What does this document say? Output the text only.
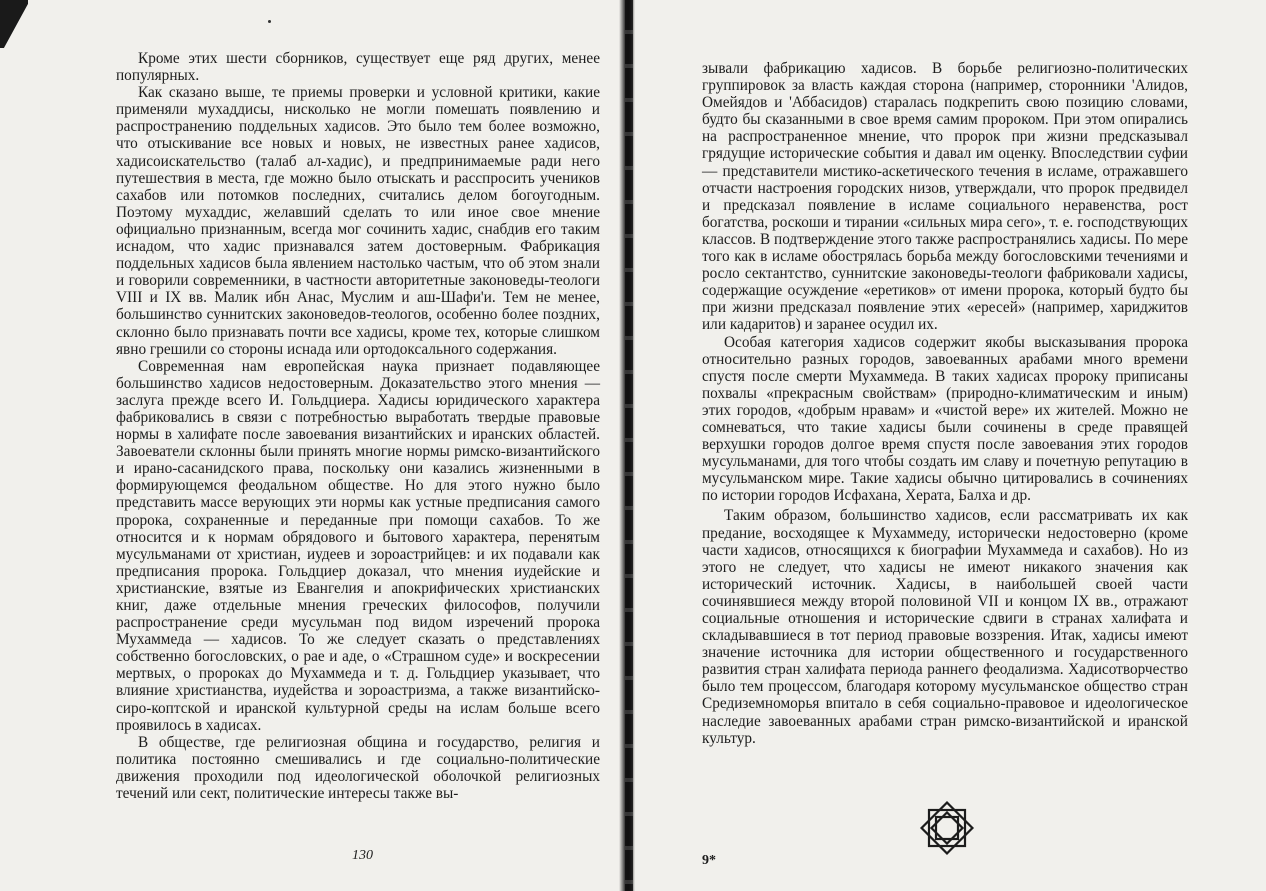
Кроме этих шести сборников, существует еще ряд других, менее популярных.

Как сказано выше, те приемы проверки и условной критики, какие применяли мухаддисы, нисколько не могли помешать появлению и распространению поддельных хадисов. Это было тем более возможно, что отыскивание все новых и новых, не известных ранее хадисов, хадисоискательство (талаб ал-хадис), и предпринимаемые ради него путешествия в места, где можно было отыскать и расспросить учеников сахабов или потомков последних, считались делом богоугодным. Поэтому мухаддис, желавший сделать то или иное свое мнение официально признанным, всегда мог сочинить хадис, снабдив его таким иснадом, что хадис признавался затем достоверным. Фабрикация поддельных хадисов была явлением настолько частым, что об этом знали и говорили современники, в частности авторитетные законоведы-теологи VIII и IX вв. Малик ибн Анас, Муслим и аш-Шафи'и. Тем не менее, большинство суннитских законоведов-теологов, особенно более поздних, склонно было признавать почти все хадисы, кроме тех, которые слишком явно грешили со стороны иснада или ортодоксального содержания.

Современная нам европейская наука признает подавляющее большинство хадисов недостоверным. Доказательство этого мнения — заслуга прежде всего И. Гольдциера. Хадисы юридического характера фабриковались в связи с потребностью выработать твердые правовые нормы в халифате после завоевания византийских и иранских областей. Завоеватели склонны были принять многие нормы римско-византийского и ирано-сасанидского права, поскольку они казались жизненными в формирующемся феодальном обществе. Но для этого нужно было представить массе верующих эти нормы как устные предписания самого пророка, сохраненные и переданные при помощи сахабов. То же относится и к нормам обрядового и бытового характера, перенятым мусульманами от христиан, иудеев и зороастрийцев: и их подавали как предписания пророка. Гольдциер доказал, что мнения иудейские и христианские, взятые из Евангелия и апокрифических христианских книг, даже отдельные мнения греческих философов, получили распространение среди мусульман под видом изречений пророка Мухаммеда — хадисов. То же следует сказать о представлениях собственно богословских, о рае и аде, о «Страшном суде» и воскресении мертвых, о пророках до Мухаммеда и т. д. Гольдциер указывает, что влияние христианства, иудейства и зороастризма, а также византийско-сиро-коптской и иранской культурной среды на ислам больше всего проявилось в хадисах.

В обществе, где религиозная община и государство, религия и политика постоянно смешивались и где социально-политические движения проходили под идеологической оболочкой религиозных течений или сект, политические интересы также вы-

130

зывали фабрикацию хадисов. В борьбе религиозно-политических группировок за власть каждая сторона (например, сторонники 'Алидов, Омейядов и 'Аббасидов) старалась подкрепить свою позицию словами, будто бы сказанными в свое время самим пророком. При этом опирались на распространенное мнение, что пророк при жизни предсказывал грядущие исторические события и давал им оценку. Впоследствии суфии — представители мистико-аскетического течения в исламе, отражавшего отчасти настроения городских низов, утверждали, что пророк предвидел и предсказал появление в исламе социального неравенства, рост богатства, роскоши и тирании «сильных мира сего», т. е. господствующих классов. В подтверждение этого также распространялись хадисы. По мере того как в исламе обострялась борьба между богословскими течениями и росло сектантство, суннитские законоведы-теологи фабриковали хадисы, содержащие осуждение «еретиков» от имени пророка, который будто бы при жизни предсказал появление этих «ересей» (например, хариджитов или кадаритов) и заранее осудил их.

Особая категория хадисов содержит якобы высказывания пророка относительно разных городов, завоеванных арабами много времени спустя после смерти Мухаммеда. В таких хадисах пророку приписаны похвалы «прекрасным свойствам» (природно-климатическим и иным) этих городов, «добрым нравам» и «чистой вере» их жителей. Можно не сомневаться, что такие хадисы были сочинены в среде правящей верхушки городов долгое время спустя после завоевания этих городов мусульманами, для того чтобы создать им славу и почетную репутацию в мусульманском мире. Такие хадисы обычно цитировались в сочинениях по истории городов Исфахана, Херата, Балха и др.

Таким образом, большинство хадисов, если рассматривать их как предание, восходящее к Мухаммеду, исторически недостоверно (кроме части хадисов, относящихся к биографии Мухаммеда и сахабов). Но из этого не следует, что хадисы не имеют никакого значения как исторический источник. Хадисы, в наибольшей своей части сочинявшиеся между второй половиной VII и концом IX вв., отражают социальные отношения и исторические сдвиги в странах халифата и складывавшиеся в тот период правовые воззрения. Итак, хадисы имеют значение источника для истории общественного и государственного развития стран халифата периода раннего феодализма. Хадисотворчество было тем процессом, благодаря которому мусульманское общество стран Средиземноморья впитало в себя социально-правовое и идеологическое наследие завоеванных арабами стран римско-византийской и иранской культур.

9*
